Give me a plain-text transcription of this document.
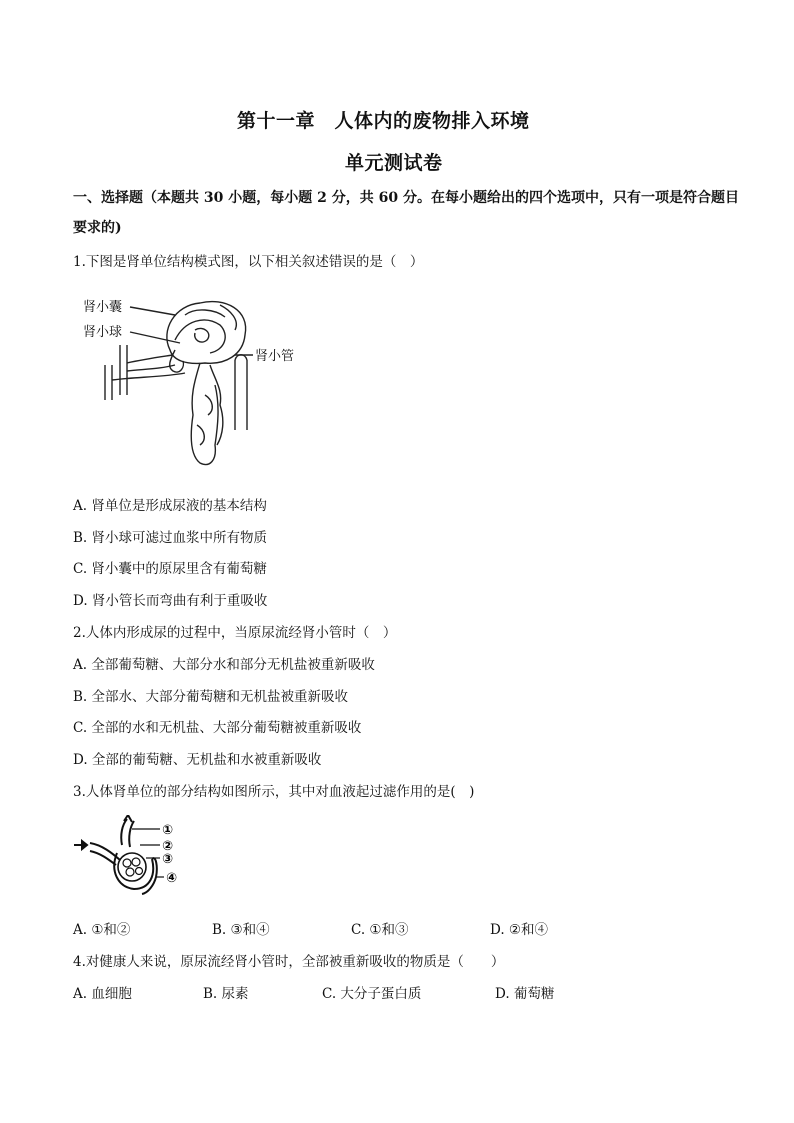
第十一章　人体内的废物排入环境
单元测试卷
一、选择题（本题共 30 小题，每小题 2 分，共 60 分。在每小题给出的四个选项中，只有一项是符合题目
要求的)
1.下图是肾单位结构模式图，以下相关叙述错误的是（　）
肾小囊
肾小球
肾小管
A. 肾单位是形成尿液的基本结构
B. 肾小球可滤过血浆中所有物质
C. 肾小囊中的原尿里含有葡萄糖
D. 肾小管长而弯曲有利于重吸收
2.人体内形成尿的过程中，当原尿流经肾小管时（　）
A. 全部葡萄糖、大部分水和部分无机盐被重新吸收
B. 全部水、大部分葡萄糖和无机盐被重新吸收
C. 全部的水和无机盐、大部分葡萄糖被重新吸收
D. 全部的葡萄糖、无机盐和水被重新吸收
3.人体肾单位的部分结构如图所示，其中对血液起过滤作用的是(　)
①
②
③
④
A. ①和②	B. ③和④	C. ①和③	D. ②和④
4.对健康人来说，原尿流经肾小管时，全部被重新吸收的物质是（　　）
A. 血细胞	B. 尿素	C. 大分子蛋白质	D. 葡萄糖
